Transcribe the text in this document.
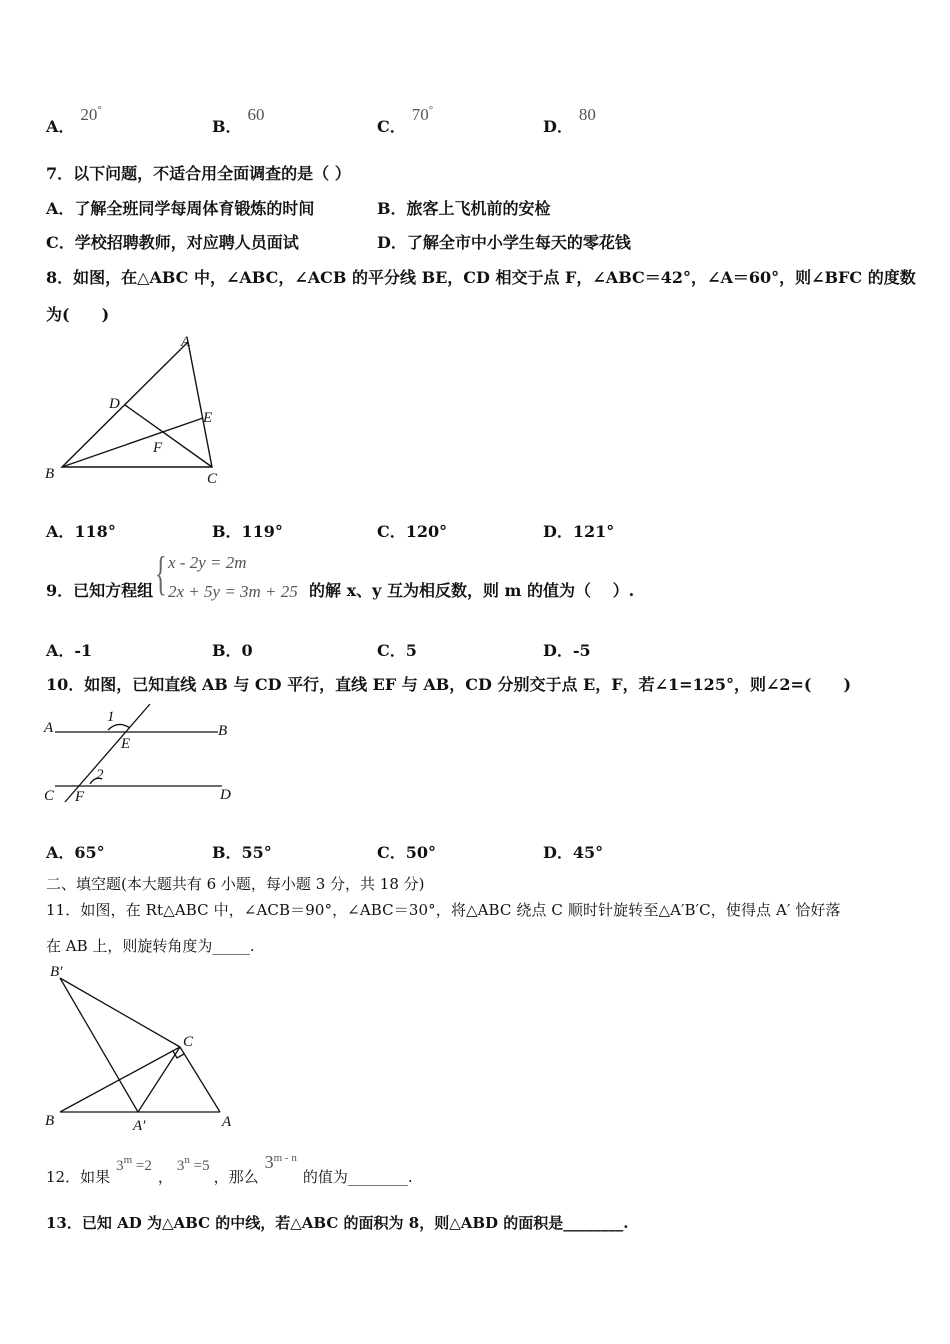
A．20°
B．60
C．70°
D．80
7．以下问题，不适合用全面调查的是（ ）
A．了解全班同学每周体育锻炼的时间	B．旅客上飞机前的安检
C．学校招聘教师，对应聘人员面试	D．了解全市中小学生每天的零花钱
8．如图，在△ABC 中，∠ABC，∠ACB 的平分线 BE，CD 相交于点 F，∠ABC＝42°，∠A＝60°，则∠BFC 的度数
为(　　)
A
B	C
D
E
F
A．118°	B．119°	C．120°	D．121°
9．已知方程组 { x - 2y = 2m
2x + 5y = 3m + 25 的解 x、y 互为相反数，则 m 的值为（　 ）.
A．-1	B．0	C．5	D．-5
10．如图，已知直线 AB 与 CD 平行，直线 EF 与 AB，CD 分别交于点 E，F，若∠1=125°，则∠2=(　　)
A	B
C	D
E
F
1
2
A．65°	B．55°	C．50°	D．45°
二、填空题(本大题共有 6 小题，每小题 3 分，共 18 分)
11．如图，在 Rt△ABC 中，∠ACB＝90°，∠ABC＝30°，将△ABC 绕点 C 顺时针旋转至△A′B′C，使得点 A′ 恰好落
在 AB 上，则旋转角度为_____.
B′
C
B	A′	A
12．如果$3^m =2$，$3^n =5$，那么3$^{m - n}$的值为________.
13．已知 AD 为△ABC 的中线，若△ABC 的面积为 8，则△ABD 的面积是________.
